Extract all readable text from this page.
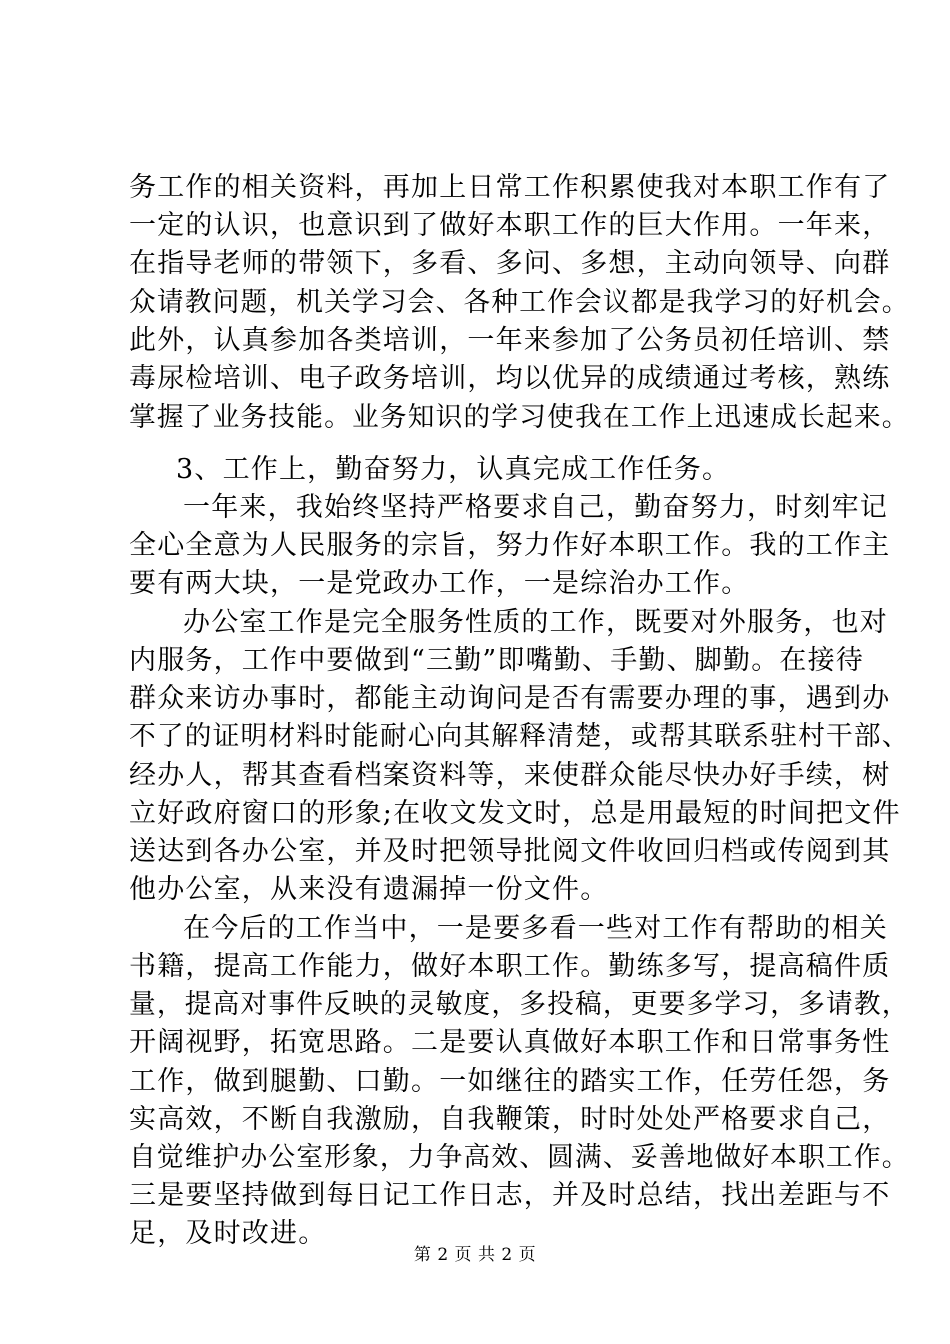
务工作的相关资料，再加上日常工作积累使我对本职工作有了
一定的认识，也意识到了做好本职工作的巨大作用。一年来，
在指导老师的带领下，多看、多问、多想，主动向领导、向群
众请教问题，机关学习会、各种工作会议都是我学习的好机会。
此外，认真参加各类培训，一年来参加了公务员初任培训、禁
毒尿检培训、电子政务培训，均以优异的成绩通过考核，熟练
掌握了业务技能。业务知识的学习使我在工作上迅速成长起来。
3、工作上，勤奋努力，认真完成工作任务。
一年来，我始终坚持严格要求自己，勤奋努力，时刻牢记
全心全意为人民服务的宗旨，努力作好本职工作。我的工作主
要有两大块，一是党政办工作，一是综治办工作。
办公室工作是完全服务性质的工作，既要对外服务，也对
内服务，工作中要做到“三勤”即嘴勤、手勤、脚勤。在接待
群众来访办事时，都能主动询问是否有需要办理的事，遇到办
不了的证明材料时能耐心向其解释清楚，或帮其联系驻村干部、
经办人，帮其查看档案资料等，来使群众能尽快办好手续，树
立好政府窗口的形象;在收文发文时，总是用最短的时间把文件
送达到各办公室，并及时把领导批阅文件收回归档或传阅到其
他办公室，从来没有遗漏掉一份文件。
在今后的工作当中，一是要多看一些对工作有帮助的相关
书籍，提高工作能力，做好本职工作。勤练多写，提高稿件质
量，提高对事件反映的灵敏度，多投稿，更要多学习，多请教，
开阔视野，拓宽思路。二是要认真做好本职工作和日常事务性
工作，做到腿勤、口勤。一如继往的踏实工作，任劳任怨，务
实高效，不断自我激励，自我鞭策，时时处处严格要求自己，
自觉维护办公室形象，力争高效、圆满、妥善地做好本职工作。
三是要坚持做到每日记工作日志，并及时总结，找出差距与不
足，及时改进。
第 2 页 共 2 页
